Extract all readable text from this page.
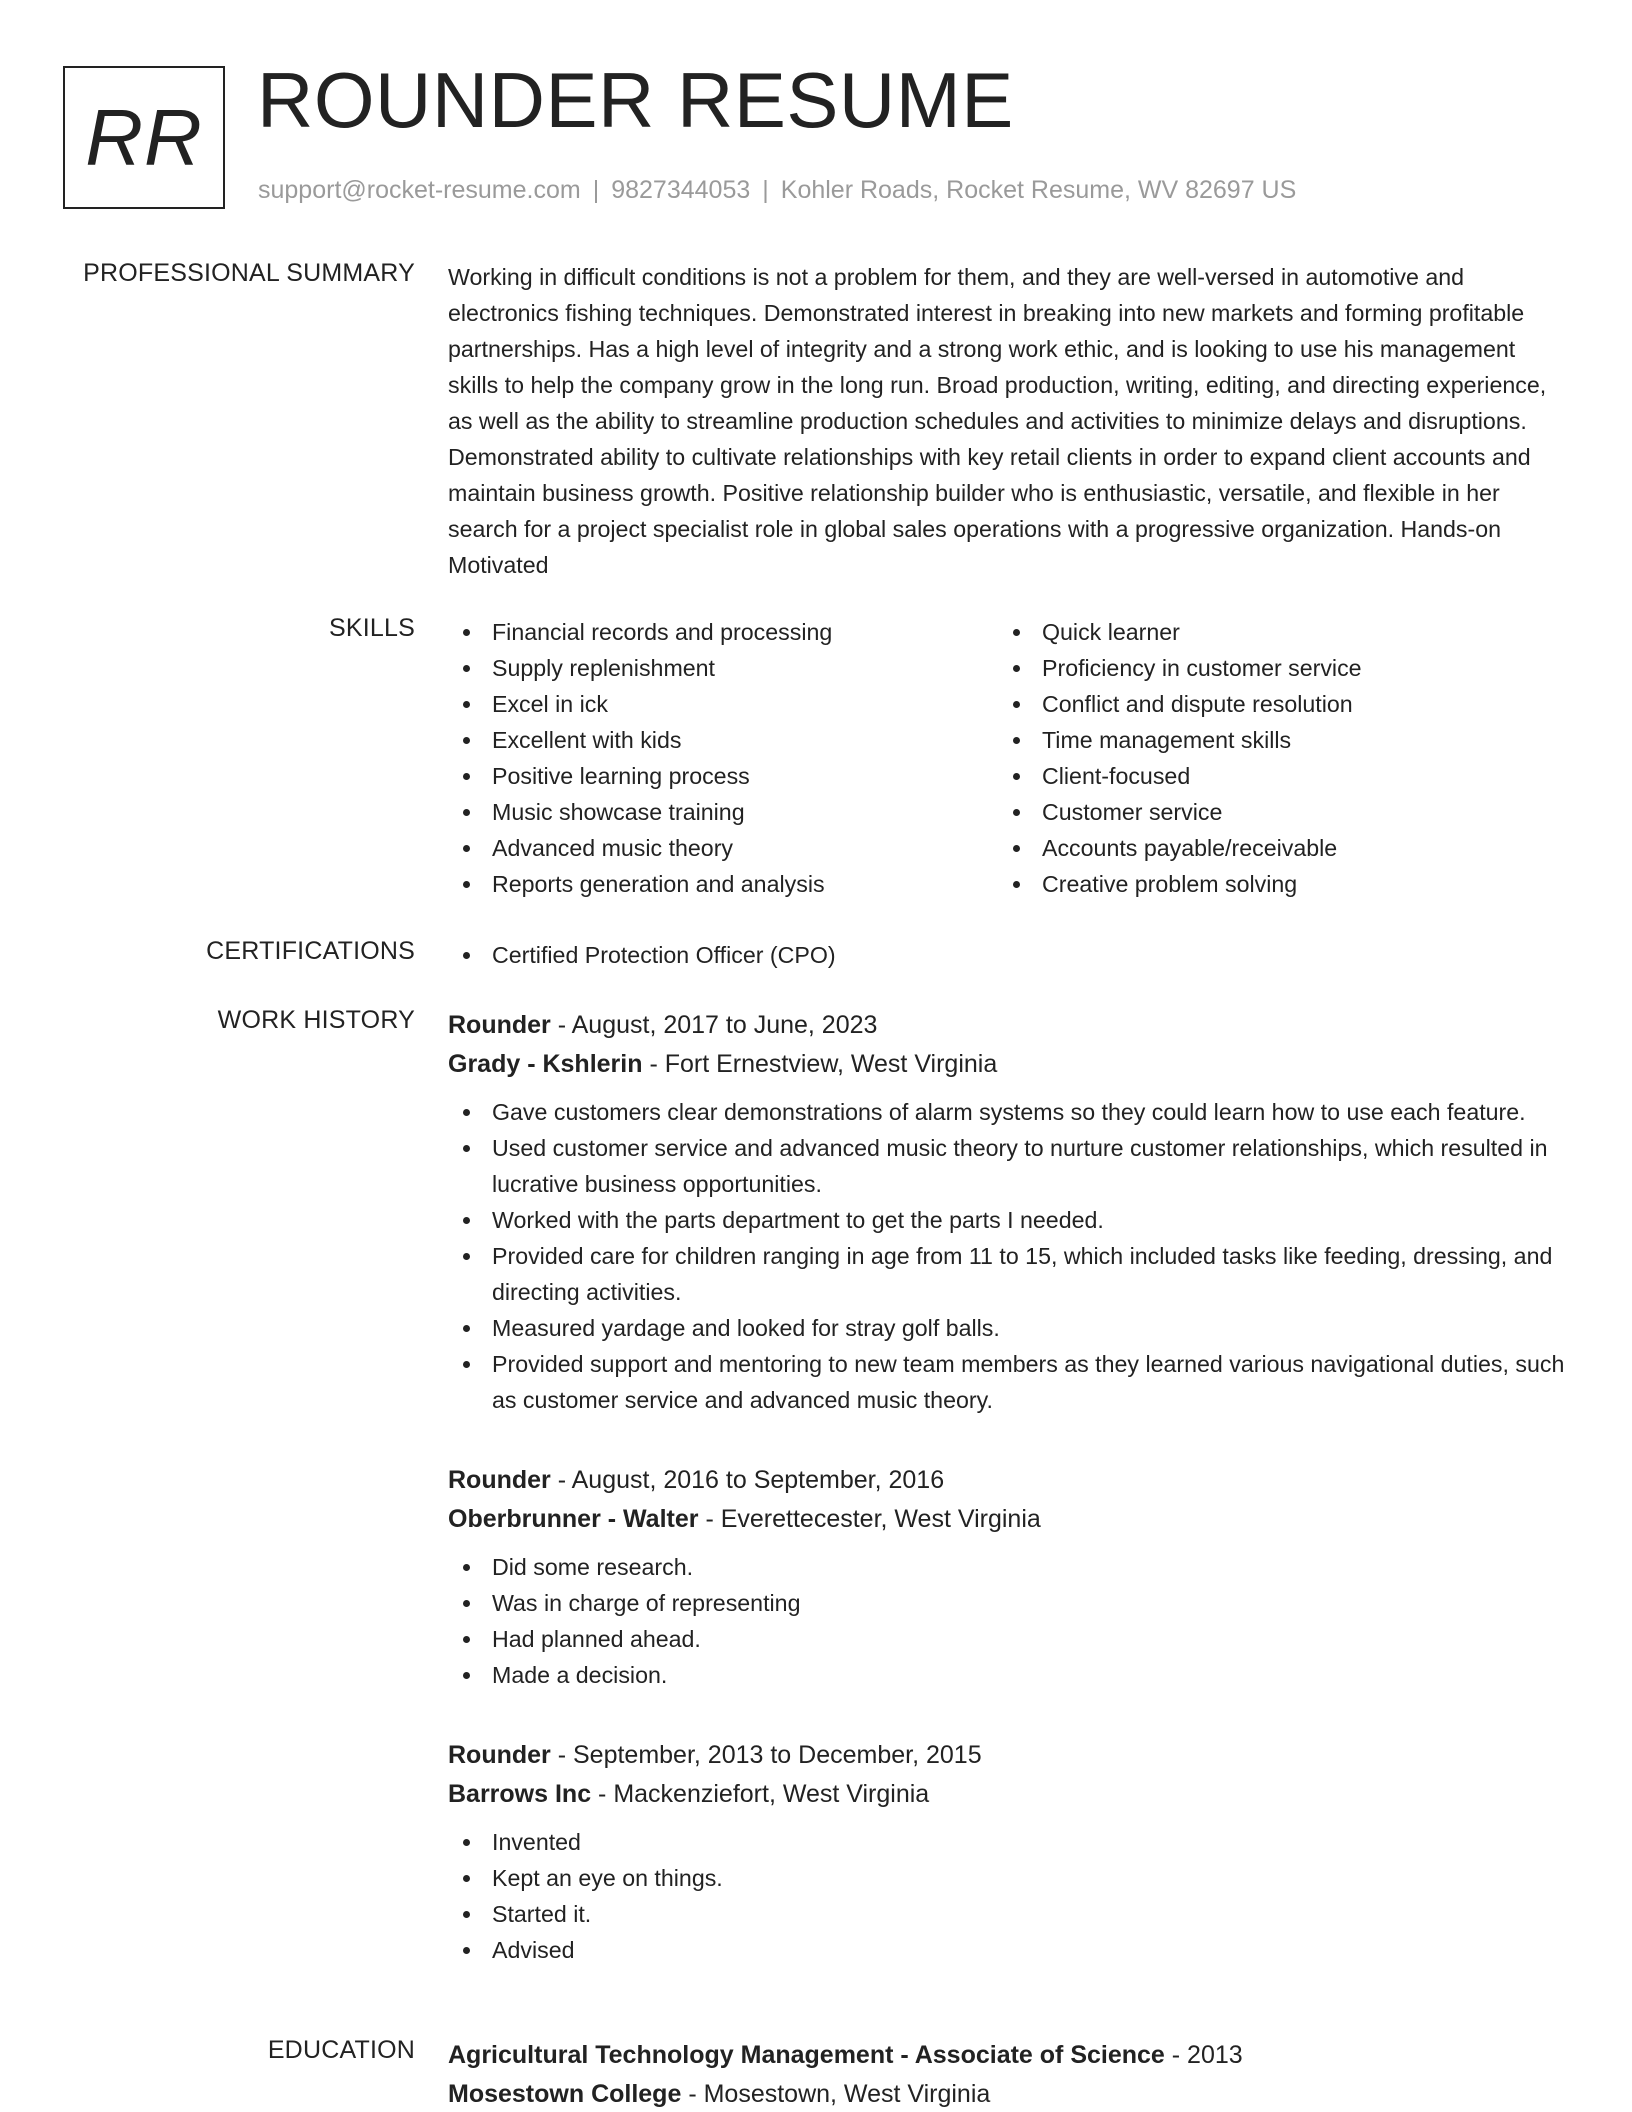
RR ROUNDER RESUME
support@rocket-resume.com | 9827344053 | Kohler Roads, Rocket Resume, WV 82697 US
PROFESSIONAL SUMMARY Working in difficult conditions is not a problem for them, and they are well-versed in automotive and electronics fishing techniques. Demonstrated interest in breaking into new markets and forming profitable partnerships. Has a high level of integrity and a strong work ethic, and is looking to use his management skills to help the company grow in the long run. Broad production, writing, editing, and directing experience, as well as the ability to streamline production schedules and activities to minimize delays and disruptions. Demonstrated ability to cultivate relationships with key retail clients in order to expand client accounts and maintain business growth. Positive relationship builder who is enthusiastic, versatile, and flexible in her search for a project specialist role in global sales operations with a progressive organization. Hands-on Motivated

SKILLS	Financial records and processing
Supply replenishment
Excel in ick
Excellent with kids
Positive learning process
Music showcase training
Advanced music theory
Reports generation and analysis
Quick learner
Proficiency in customer service
Conflict and dispute resolution
Time management skills
Client-focused
Customer service
Accounts payable/receivable
Creative problem solving
CERTIFICATIONS	Certified Protection Officer (CPO)
WORK HISTORY Rounder - August, 2017 to June, 2023
Grady - Kshlerin - Fort Ernestview, West Virginia
Gave customers clear demonstrations of alarm systems so they could learn how to use each feature.
Used customer service and advanced music theory to nurture customer relationships, which resulted in lucrative business opportunities.
Worked with the parts department to get the parts I needed.
Provided care for children ranging in age from 11 to 15, which included tasks like feeding, dressing, and directing activities.
Measured yardage and looked for stray golf balls.
Provided support and mentoring to new team members as they learned various navigational duties, such as customer service and advanced music theory.
Rounder - August, 2016 to September, 2016
Oberbrunner - Walter - Everettecester, West Virginia
Did some research.
Was in charge of representing
Had planned ahead.
Made a decision.
Rounder - September, 2013 to December, 2015
Barrows Inc - Mackenziefort, West Virginia
Invented
Kept an eye on things.
Started it.
Advised
EDUCATION Agricultural Technology Management - Associate of Science - 2013
Mosestown College - Mosestown, West Virginia
